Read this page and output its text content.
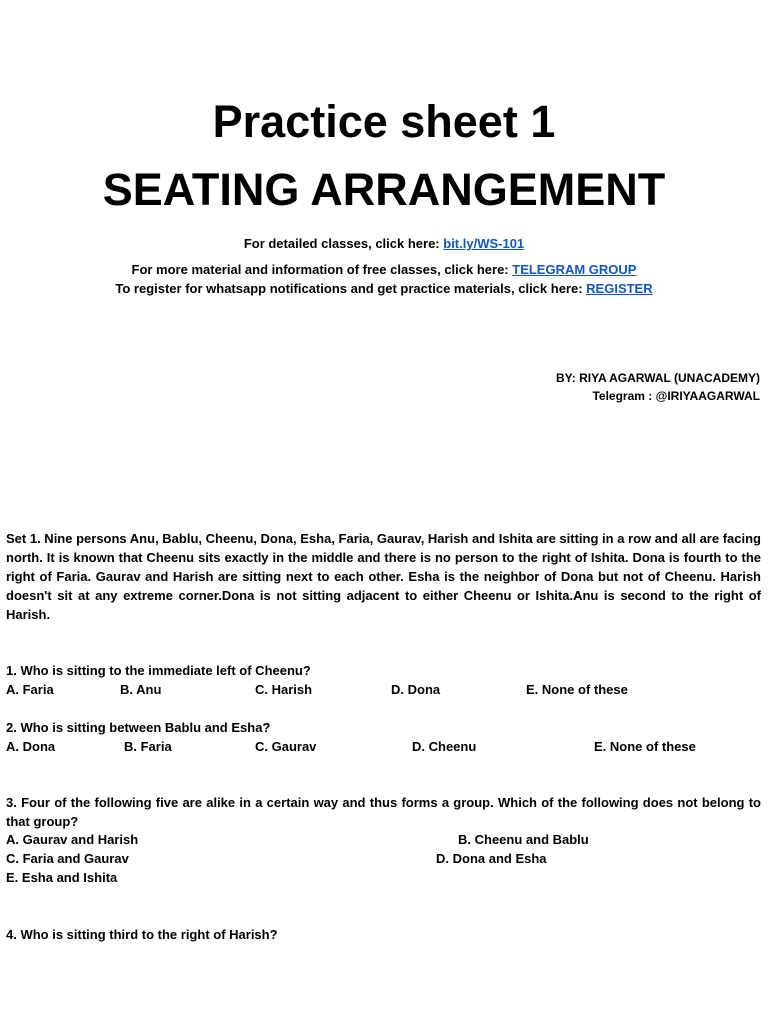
Practice sheet 1
SEATING ARRANGEMENT
For detailed classes, click here: bit.ly/WS-101
For more material and information of free classes, click here: TELEGRAM GROUP
To register for whatsapp notifications and get practice materials, click here: REGISTER
BY: RIYA AGARWAL (UNACADEMY)
Telegram : @IRIYAAGARWAL
Set 1. Nine persons Anu, Bablu, Cheenu, Dona, Esha, Faria, Gaurav, Harish and Ishita are sitting in a row and all are facing north. It is known that Cheenu sits exactly in the middle and there is no person to the right of Ishita. Dona is fourth to the right of Faria. Gaurav and Harish are sitting next to each other. Esha is the neighbor of Dona but not of Cheenu. Harish doesn't sit at any extreme corner.Dona is not sitting adjacent to either Cheenu or Ishita.Anu is second to the right of Harish.
1. Who is sitting to the immediate left of Cheenu?
A. Faria	B. Anu	C. Harish	D. Dona	E. None of these
2. Who is sitting between Bablu and Esha?
A. Dona	B. Faria	C. Gaurav	D. Cheenu	E. None of these
3. Four of the following five are alike in a certain way and thus forms a group. Which of the following does not belong to that group?
A. Gaurav and Harish	B. Cheenu and Bablu
C. Faria and Gaurav	D. Dona and Esha
E. Esha and Ishita
4. Who is sitting third to the right of Harish?
